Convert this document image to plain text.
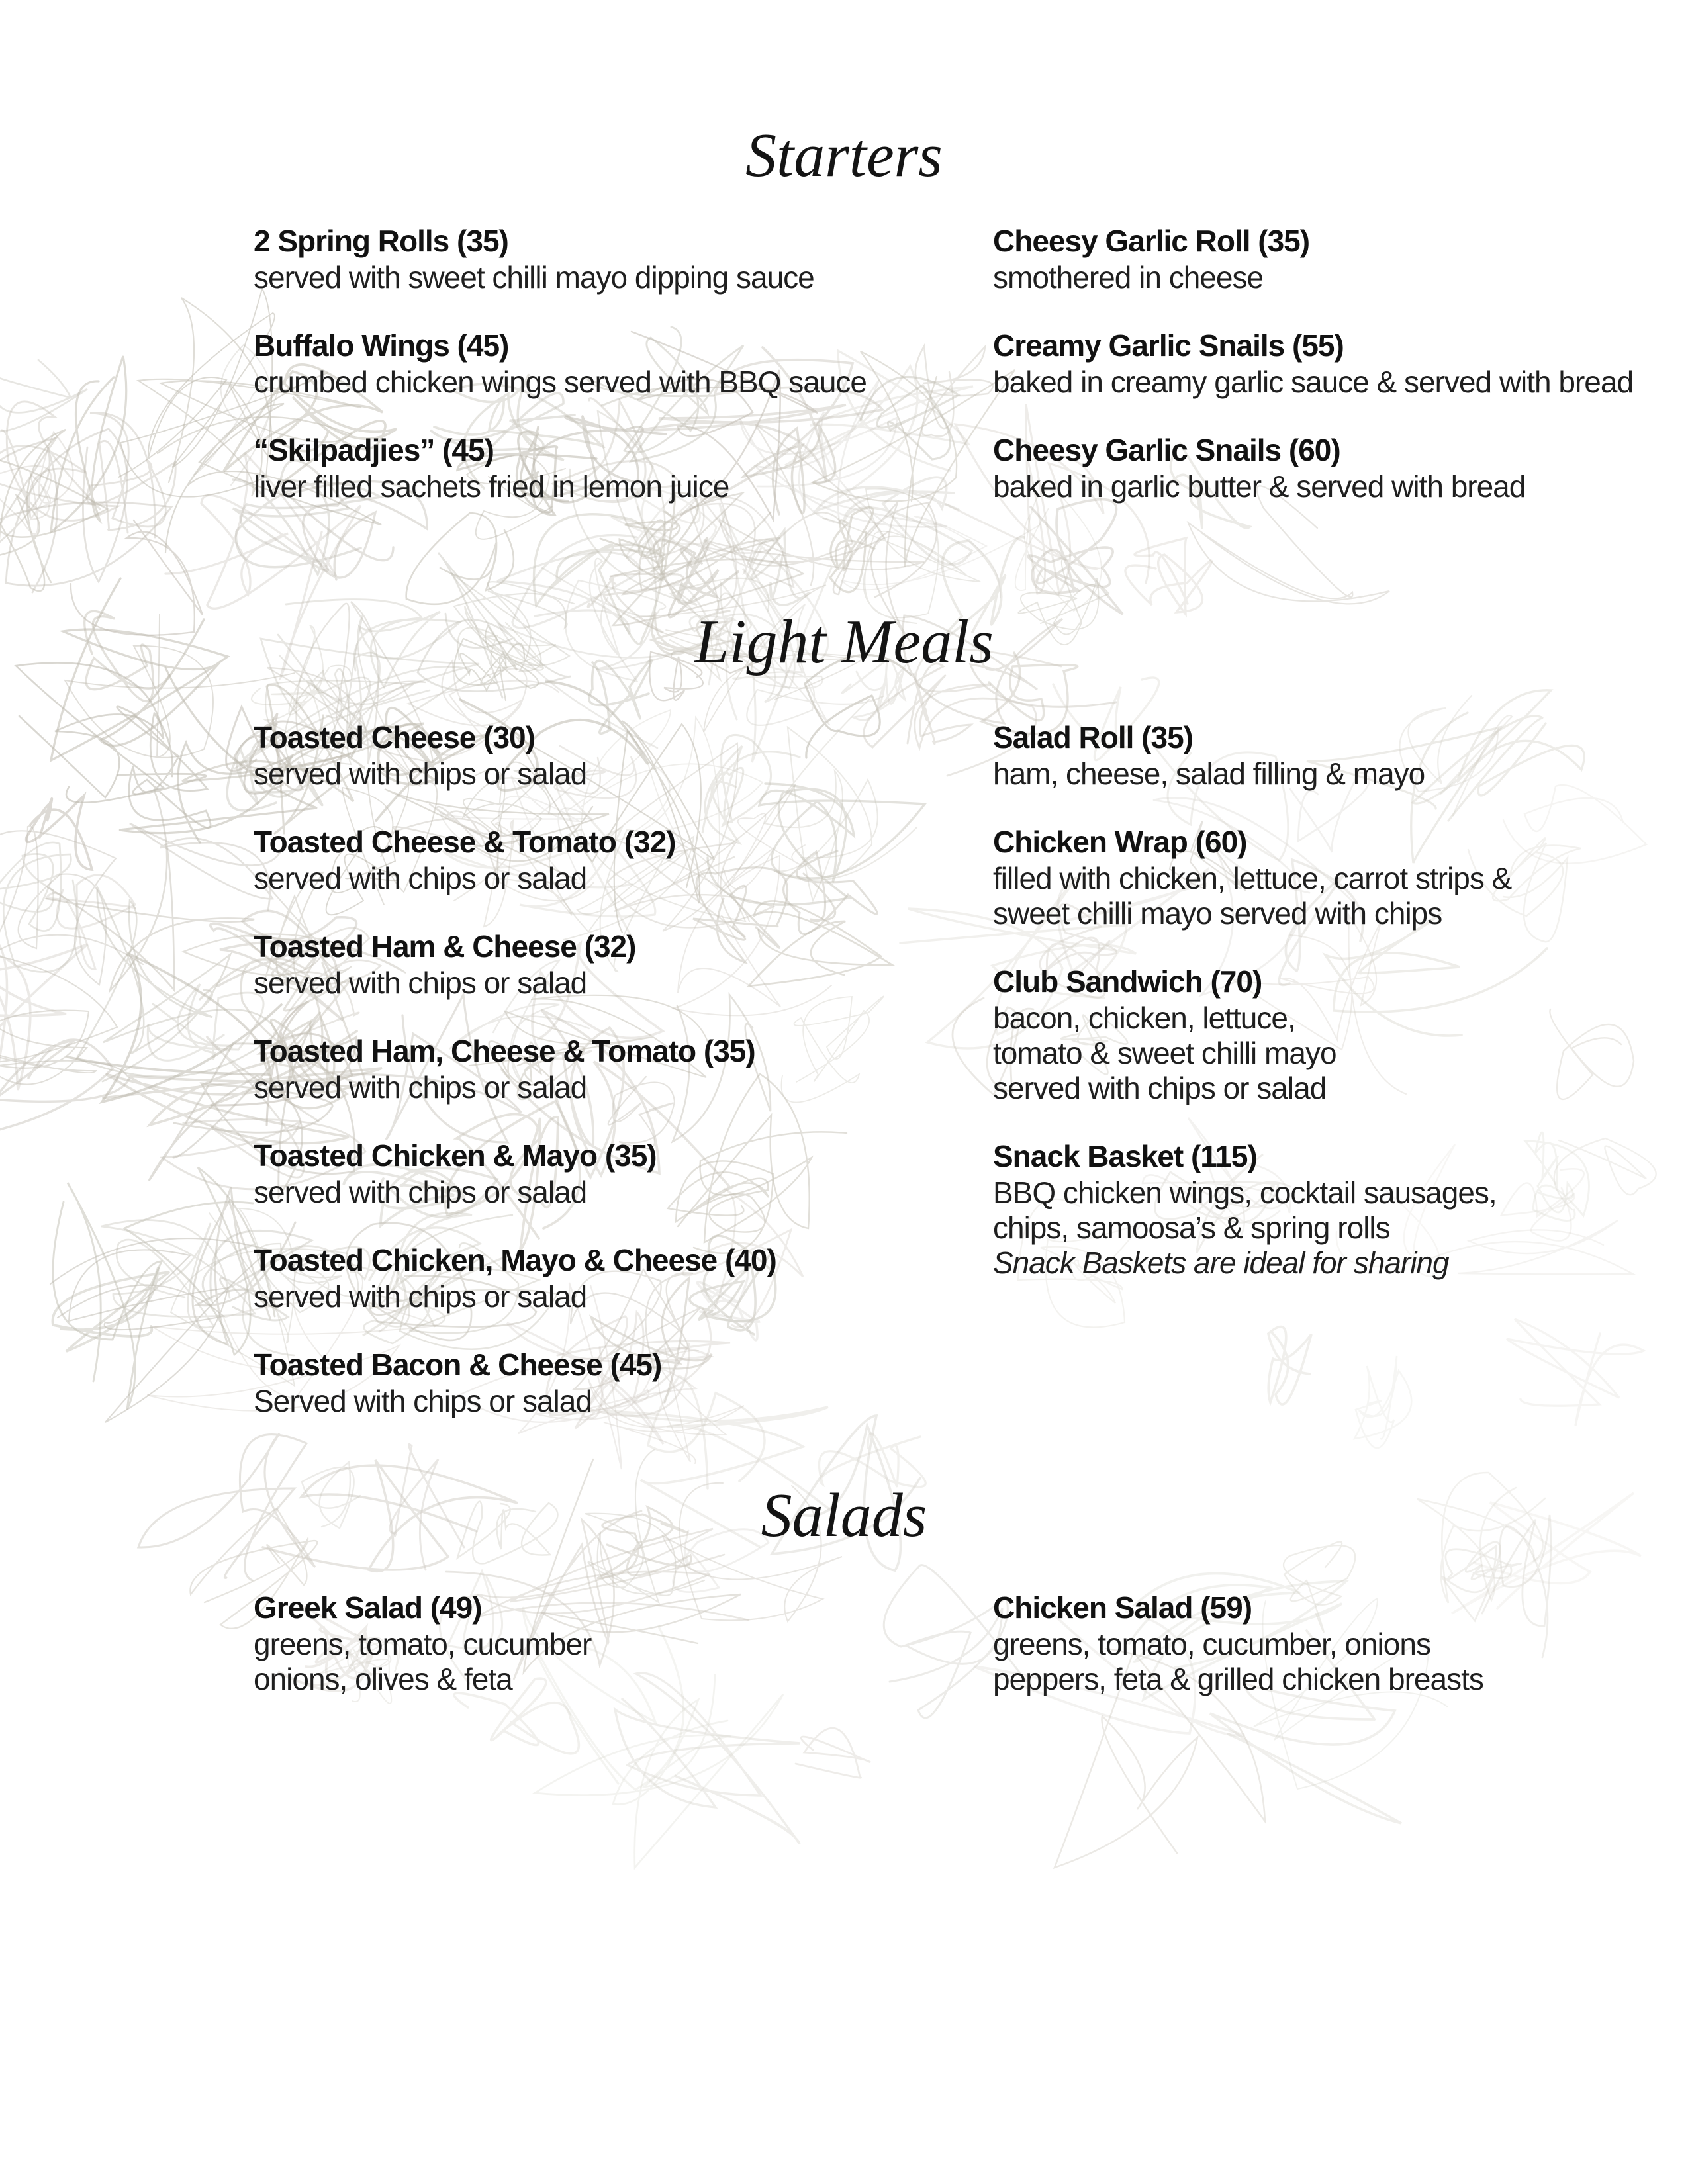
Starters
2 Spring Rolls (35)
served with sweet chilli mayo dipping sauce
Buffalo Wings (45)
crumbed chicken wings served with BBQ sauce
“Skilpadjies” (45)
liver filled sachets fried in lemon juice
Cheesy Garlic Roll (35)
smothered in cheese
Creamy Garlic Snails (55)
baked in creamy garlic sauce & served with bread
Cheesy Garlic Snails (60)
baked in garlic butter & served with bread
Light Meals
Toasted Cheese (30)
served with chips or salad
Toasted Cheese & Tomato (32)
served with chips or salad
Toasted Ham & Cheese (32)
served with chips or salad
Toasted Ham, Cheese & Tomato (35)
served with chips or salad
Toasted Chicken & Mayo (35)
served with chips or salad
Toasted Chicken, Mayo & Cheese (40)
served with chips or salad
Toasted Bacon & Cheese (45)
Served with chips or salad
Salad Roll (35)
ham, cheese, salad filling & mayo
Chicken Wrap (60)
filled with chicken, lettuce, carrot strips &
sweet chilli mayo served with chips
Club Sandwich (70)
bacon, chicken, lettuce,
tomato & sweet chilli mayo
served with chips or salad
Snack Basket (115)
BBQ chicken wings, cocktail sausages,
chips, samoosa’s & spring rolls
Snack Baskets are ideal for sharing
Salads
Greek Salad (49)
greens, tomato, cucumber
onions, olives & feta
Chicken Salad (59)
greens, tomato, cucumber, onions
peppers, feta & grilled chicken breasts
